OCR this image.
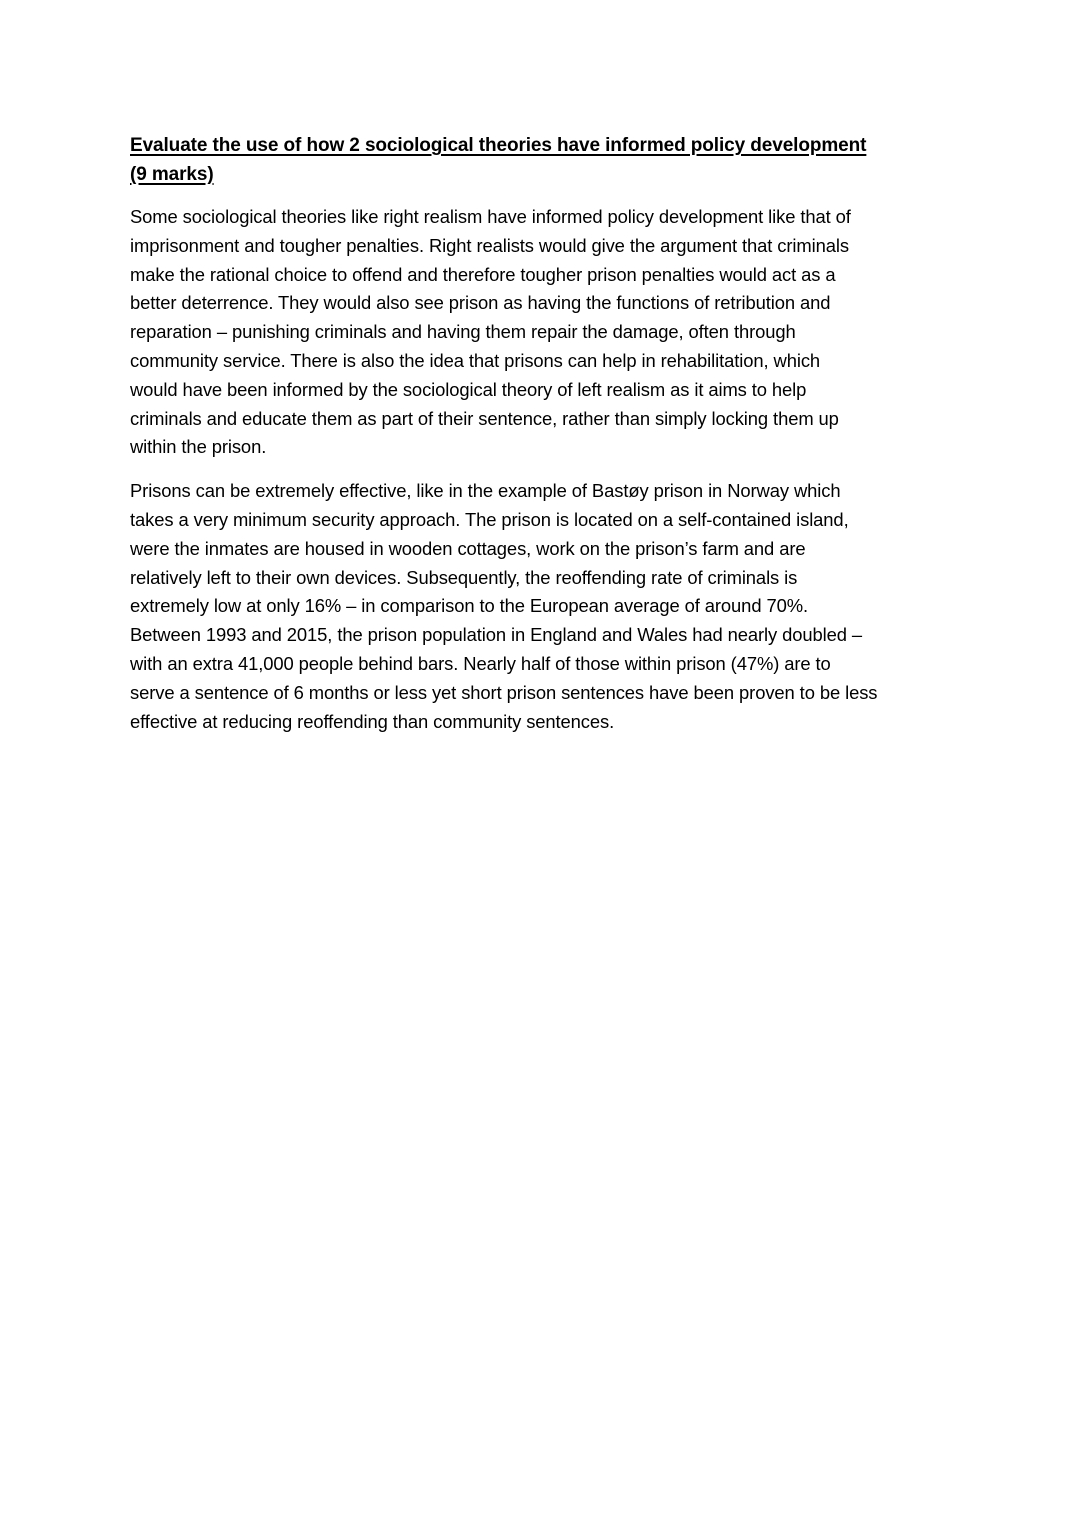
Evaluate the use of how 2 sociological theories have informed policy development
(9 marks)

Some sociological theories like right realism have informed policy development like that of
imprisonment and tougher penalties. Right realists would give the argument that criminals
make the rational choice to offend and therefore tougher prison penalties would act as a
better deterrence. They would also see prison as having the functions of retribution and
reparation – punishing criminals and having them repair the damage, often through
community service. There is also the idea that prisons can help in rehabilitation, which
would have been informed by the sociological theory of left realism as it aims to help
criminals and educate them as part of their sentence, rather than simply locking them up
within the prison.

Prisons can be extremely effective, like in the example of Bastøy prison in Norway which
takes a very minimum security approach. The prison is located on a self-contained island,
were the inmates are housed in wooden cottages, work on the prison’s farm and are
relatively left to their own devices. Subsequently, the reoffending rate of criminals is
extremely low at only 16% – in comparison to the European average of around 70%.
Between 1993 and 2015, the prison population in England and Wales had nearly doubled –
with an extra 41,000 people behind bars. Nearly half of those within prison (47%) are to
serve a sentence of 6 months or less yet short prison sentences have been proven to be less
effective at reducing reoffending than community sentences.
